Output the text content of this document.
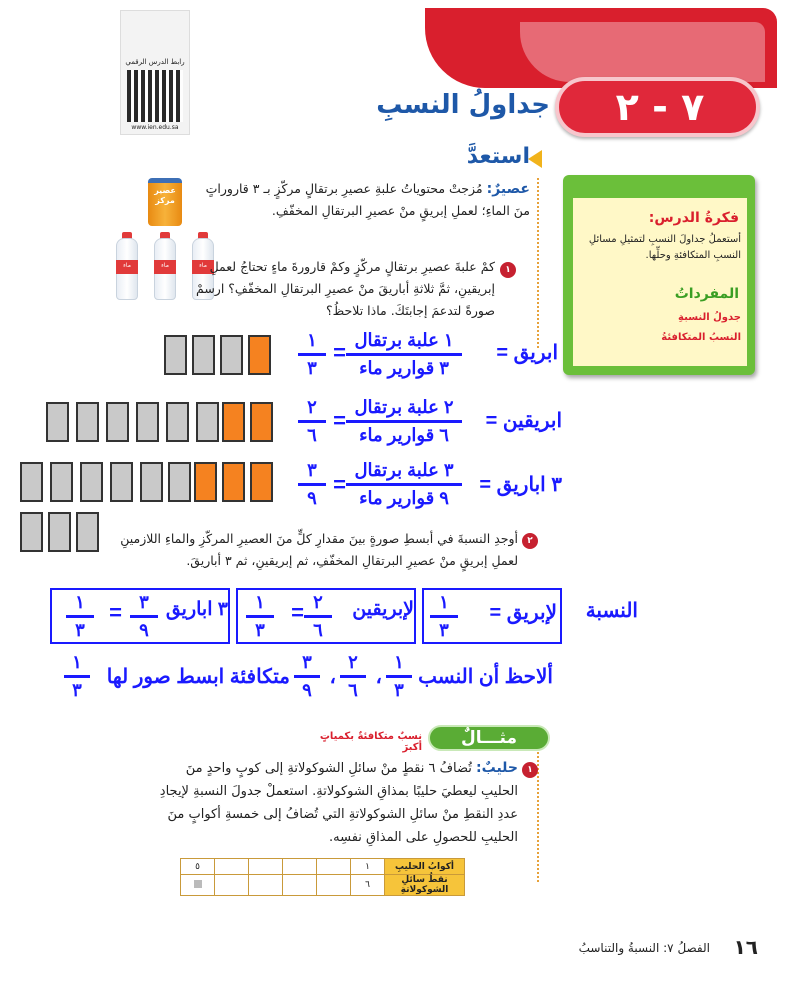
٧ - ٢
جداولُ النسبِ
رابط الدرس الرقمي
www.ien.edu.sa
استعدَّ
فكرةُ الدرس:
أستعملُ جداولَ النسبِ لتمثيلِ مسائلِ النسبِ المتكافئةِ وحلِّها.
المفرداتُ
جدولُ النسبةِ
النسبُ المتكافئةُ
عصيرٌ: مُزجتْ محتوياتُ علبةِ عصيرِ برتقالٍ مركّزٍ بـ ٣ قاروراتٍ منَ الماءِ؛ لعملِ إبريقٍ منْ عصيرِ البرتقالِ المخفّفِ.
عصير مركز
ماء	ماء	ماء	١
كمْ علبةَ عصيرِ برتقالٍ مركّزٍ وكمْ قارورةَ ماءٍ تحتاجُ لعملِ إبريقينِ، ثمَّ ثلاثةِ أباريقَ منْ عصيرِ البرتقالِ المخفّفِ؟ ارسمْ صورةً لتدعمَ إجابتَكَ. ماذا تلاحظُ؟
ابريق =
١ علبة برتقال
٣ قوارير ماء
=
١
٣
ابريقين =
٢ علبة برتقال
٦ قوارير ماء
=
٢
٦
٣ اباريق =
٣ علبة برتقال
٩ قوارير ماء
=
٣
٩
٢
أوجدِ النسبةَ في أبسطِ صورةٍ بينَ مقدارِ كلٍّ منَ العصيرِ المركّزِ والماءِ اللازمينِ لعملِ إبريقٍ منْ عصيرِ البرتقالِ المخفّفِ، ثم إبريقينِ، ثم ٣ أباريقَ.
النسبة
لإبريق =
١
٣
لإبريقين
٢
٦
=
١
٣
٣ اباريق
٣
٩
=
١
٣
ألاحظ أن النسب
١
٣
،
٢
٦
،
٣
٩
متكافئة ابسط صور لها
١
٣
مثـــالٌ
نسبٌ متكافئةٌ بكمياتٍ أكبرَ
١
حليبٌ: تُضافُ ٦ نقطٍ منْ سائلِ الشوكولاتةِ إلى كوبٍ واحدٍ منَ الحليبِ ليعطيَ حليبًا بمذاقِ الشوكولاتةِ. استعملْ جدولَ النسبةِ لإيجادِ عددِ النقطِ منْ سائلِ الشوكولاتةِ التي تُضافُ إلى خمسةِ أكوابٍ منَ الحليبِ للحصولِ على المذاقِ نفسِه.
أكوابُ الحليبِ	١					٥
نقطُ سائلِ الشوكولاتةِ	٦					
١٦
الفصلُ ٧: النسبةُ والتناسبُ
